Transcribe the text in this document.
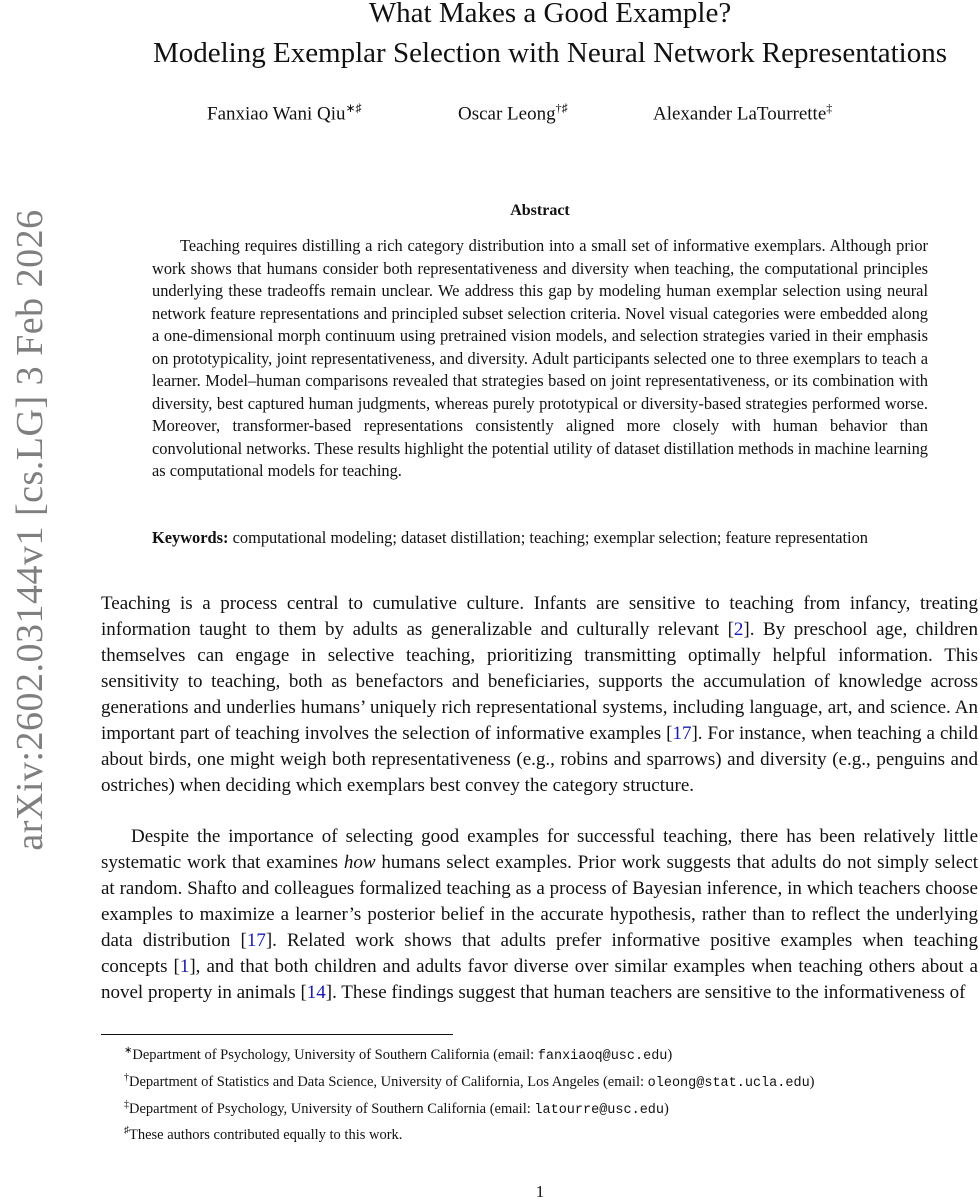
arXiv:2602.03144v1 [cs.LG] 3 Feb 2026
What Makes a Good Example?
Modeling Exemplar Selection with Neural Network Representations
Fanxiao Wani Qiu∗♯	Oscar Leong†♯	Alexander LaTourrette‡
Abstract

Teaching requires distilling a rich category distribution into a small set of informative exemplars. Although prior work shows that humans consider both representativeness and diversity when teaching, the computational principles underlying these tradeoffs remain unclear. We address this gap by modeling human exemplar selection using neural network feature representations and principled subset selection criteria. Novel visual categories were embedded along a one-dimensional morph continuum using pretrained vision models, and selection strategies varied in their emphasis on prototypicality, joint representativeness, and diversity. Adult participants selected one to three exemplars to teach a learner. Model–human comparisons revealed that strategies based on joint representativeness, or its combination with diversity, best captured human judgments, whereas purely prototypical or diversity-based strategies performed worse. Moreover, transformer-based representations consistently aligned more closely with human behavior than convolutional networks. These results highlight the potential utility of dataset distillation methods in machine learning as computational models for teaching.

Keywords: computational modeling; dataset distillation; teaching; exemplar selection; feature representation

Teaching is a process central to cumulative culture. Infants are sensitive to teaching from infancy, treating information taught to them by adults as generalizable and culturally relevant [2]. By preschool age, children themselves can engage in selective teaching, prioritizing transmitting optimally helpful information. This sensitivity to teaching, both as benefactors and beneficiaries, supports the accumulation of knowledge across generations and underlies humans’ uniquely rich representational systems, including language, art, and science. An important part of teaching involves the selection of informative examples [17]. For instance, when teaching a child about birds, one might weigh both representativeness (e.g., robins and sparrows) and diversity (e.g., penguins and ostriches) when deciding which exemplars best convey the category structure.

Despite the importance of selecting good examples for successful teaching, there has been relatively little systematic work that examines how humans select examples. Prior work suggests that adults do not simply select at random. Shafto and colleagues formalized teaching as a process of Bayesian inference, in which teachers choose examples to maximize a learner’s posterior belief in the accurate hypothesis, rather than to reflect the underlying data distribution [17]. Related work shows that adults prefer informative positive examples when teaching concepts [1], and that both children and adults favor diverse over similar examples when teaching others about a novel property in animals [14]. These findings suggest that human teachers are sensitive to the informativeness of

∗Department of Psychology, University of Southern California (email: fanxiaoq@usc.edu)
†Department of Statistics and Data Science, University of California, Los Angeles (email: oleong@stat.ucla.edu)
‡Department of Psychology, University of Southern California (email: latourre@usc.edu)
♯These authors contributed equally to this work.
1
